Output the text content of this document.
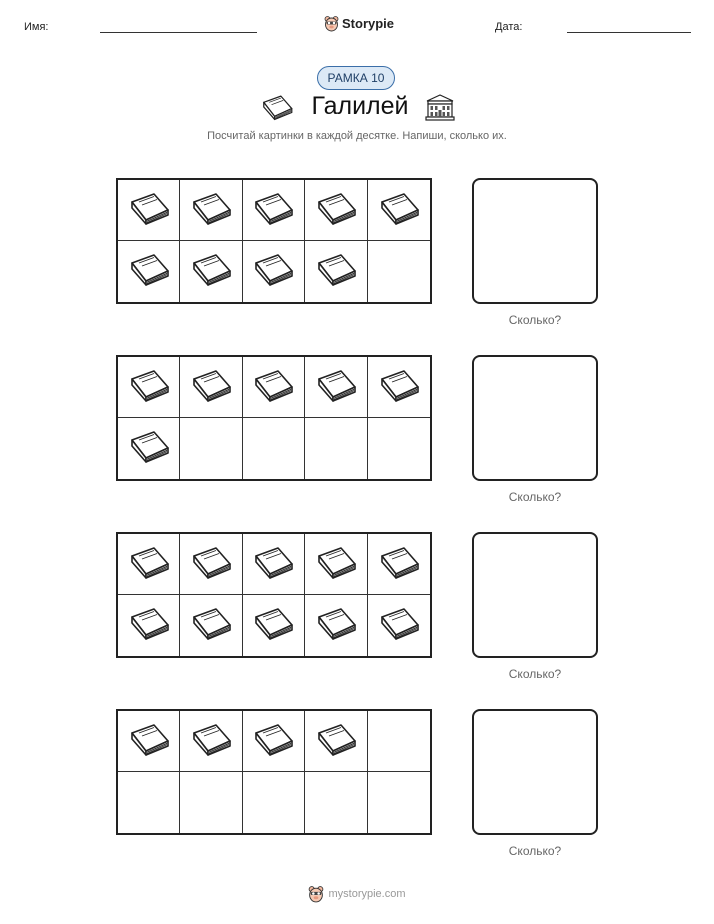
Имя:	Storypie	Дата:
РАМКА 10
Галилей
Посчитай картинки в каждой десятке. Напиши, сколько их.
Сколько?
Сколько?
Сколько?
Сколько?
mystorypie.com
